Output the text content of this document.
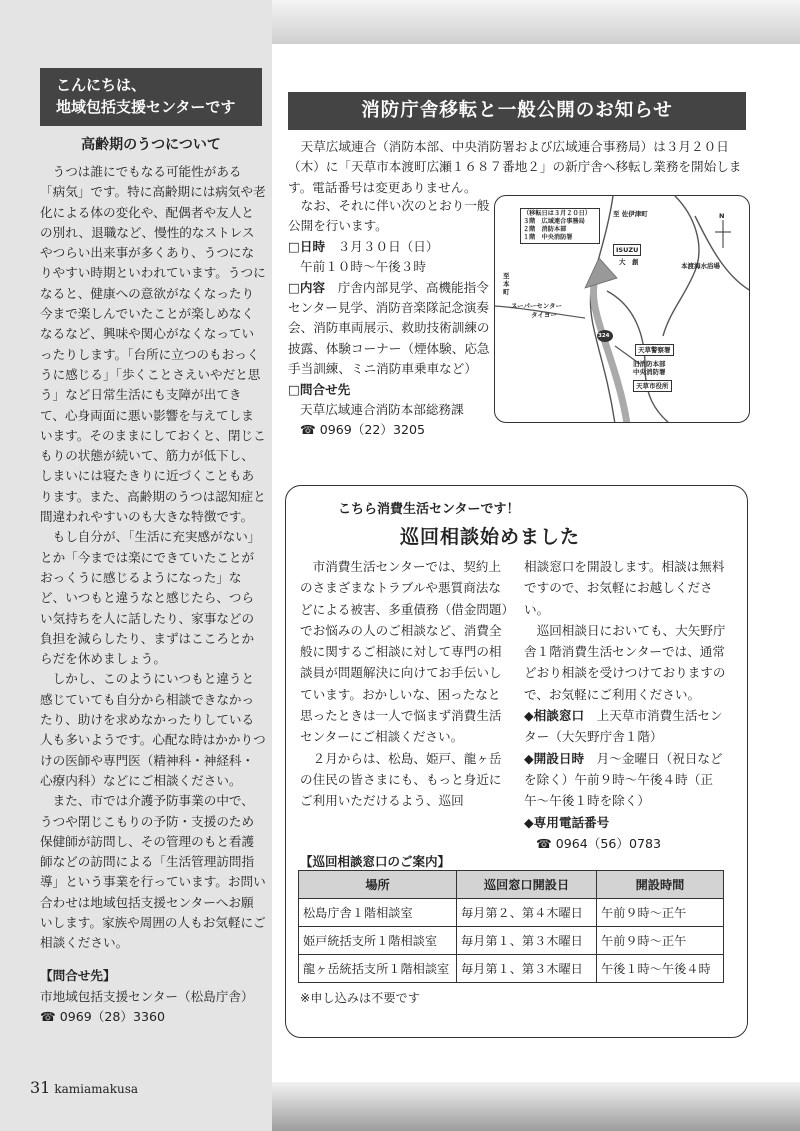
こんにちは、
地域包括支援センターです
高齢期のうつについて

うつは誰にでもなる可能性がある「病気」です。特に高齢期には病気や老化による体の変化や、配偶者や友人との別れ、退職など、慢性的なストレスやつらい出来事が多くあり、うつになりやすい時期といわれています。うつになると、健康への意欲がなくなったり今まで楽しんでいたことが楽しめなくなるなど、興味や関心がなくなっていったりします。「台所に立つのもおっくうに感じる」「歩くことさえいやだと思う」など日常生活にも支障が出てきて、心身両面に悪い影響を与えてしまいます。そのままにしておくと、閉じこもりの状態が続いて、筋力が低下し、しまいには寝たきりに近づくこともあります。また、高齢期のうつは認知症と間違われやすいのも大きな特徴です。

もし自分が、「生活に充実感がない」とか「今までは楽にできていたことがおっくうに感じるようになった」など、いつもと違うなと感じたら、つらい気持ちを人に話したり、家事などの負担を減らしたり、まずはこころとからだを休めましょう。

しかし、このようにいつもと違うと感じていても自分から相談できなかったり、助けを求めなかったりしている人も多いようです。心配な時はかかりつけの医師や専門医（精神科・神経科・心療内科）などにご相談ください。

また、市では介護予防事業の中で、うつや閉じこもりの予防・支援のため保健師が訪問し、その管理のもと看護師などの訪問による「生活管理訪問指導」という事業を行っています。お問い合わせは地域包括支援センターへお願いします。家族や周囲の人もお気軽にご相談ください。

【問合せ先】
市地域包括支援センター（松島庁舎）
☎ 0969（28）3360
31 kamiamakusa
消防庁舎移転と一般公開のお知らせ
天草広域連合（消防本部、中央消防署および広域連合事務局）は３月２０日（木）に「天草市本渡町広瀬１６８７番地２」の新庁舎へ移転し業務を開始します。電話番号は変更ありません。
なお、それに伴い次のとおり一般公開を行います。
□日時　 ３月３０日（日）
午前１０時〜午後３時
□内容　 庁舎内部見学、高機能指令センター見学、消防音楽隊記念演奏会、消防車両展示、救助技術訓練の披露、体験コーナー（煙体験、応急手当訓練、ミニ消防車乗車など）
□問合せ先
天草広域連合消防本部総務課
☎ 0969（22）3205
（移転日は３月２０日）
３階　広域連合事務局
２階　消防本部
１階　中央消防署
至 佐伊津町	N
ISUZU
大　創	本渡海水浴場
至本町
スーパーセンター
タイヨー
324
天草警察署
旧消防本部
中央消防署
天草市役所
こちら消費生活センターです！
巡回相談始めました

市消費生活センターでは、契約上のさまざまなトラブルや悪質商法などによる被害、多重債務（借金問題）でお悩みの人のご相談など、消費全般に関するご相談に対して専門の相談員が問題解決に向けてお手伝いしています。おかしいな、困ったなと思ったときは一人で悩まず消費生活センターにご相談ください。

２月からは、松島、姫戸、龍ヶ岳の住民の皆さまにも、もっと身近にご利用いただけるよう、巡回

相談窓口を開設します。相談は無料ですので、お気軽にお越しください。

巡回相談日においても、大矢野庁舎１階消費生活センターでは、通常どおり相談を受けつけておりますので、お気軽にご利用ください。

◆相談窓口　 上天草市消費生活センター（大矢野庁舎１階）
◆開設日時　 月〜金曜日（祝日などを除く）午前９時〜午後４時（正午〜午後１時を除く）
◆専用電話番号
☎ 0964（56）0783
【巡回相談窓口のご案内】
場所	巡回窓口開設日	開設時間
松島庁舎１階相談室	毎月第２、第４木曜日	午前９時〜正午
姫戸統括支所１階相談室	毎月第１、第３木曜日	午前９時〜正午
龍ヶ岳統括支所１階相談室	毎月第１、第３木曜日	午後１時〜午後４時
※申し込みは不要です
